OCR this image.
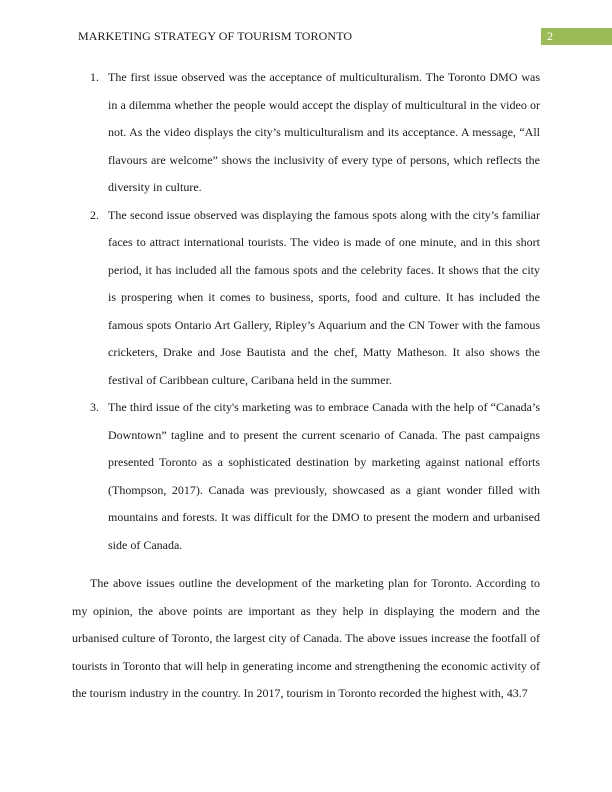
MARKETING STRATEGY OF TOURISM TORONTO	2
1. The first issue observed was the acceptance of multiculturalism. The Toronto DMO was in a dilemma whether the people would accept the display of multicultural in the video or not. As the video displays the city’s multiculturalism and its acceptance. A message, “All flavours are welcome” shows the inclusivity of every type of persons, which reflects the diversity in culture.

2. The second issue observed was displaying the famous spots along with the city’s familiar faces to attract international tourists. The video is made of one minute, and in this short period, it has included all the famous spots and the celebrity faces. It shows that the city is prospering when it comes to business, sports, food and culture. It has included the famous spots Ontario Art Gallery, Ripley’s Aquarium and the CN Tower with the famous cricketers, Drake and Jose Bautista and the chef, Matty Matheson. It also shows the festival of Caribbean culture, Caribana held in the summer.

3. The third issue of the city's marketing was to embrace Canada with the help of “Canada’s Downtown” tagline and to present the current scenario of Canada. The past campaigns presented Toronto as a sophisticated destination by marketing against national efforts (Thompson, 2017). Canada was previously, showcased as a giant wonder filled with mountains and forests. It was difficult for the DMO to present the modern and urbanised side of Canada.

The above issues outline the development of the marketing plan for Toronto. According to my opinion, the above points are important as they help in displaying the modern and the urbanised culture of Toronto, the largest city of Canada. The above issues increase the footfall of tourists in Toronto that will help in generating income and strengthening the economic activity of the tourism industry in the country. In 2017, tourism in Toronto recorded the highest with, 43.7
